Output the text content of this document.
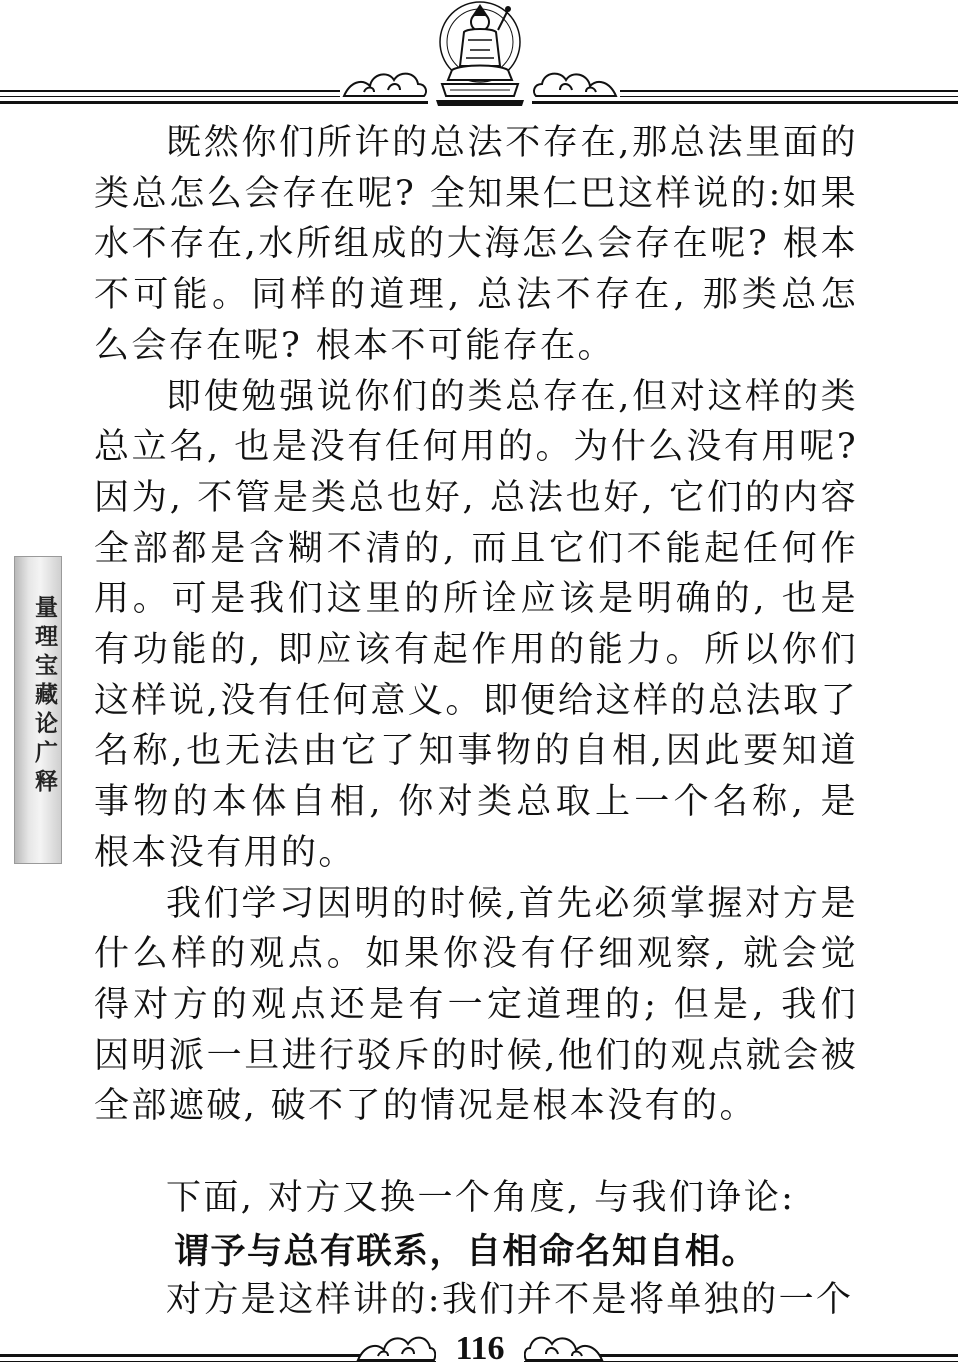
量理宝藏论广释

既然你们所许的总法不存在,那总法里面的类总怎么会存在呢? 全知果仁巴这样说的:如果水不存在,水所组成的大海怎么会存在呢? 根本不可能。同样的道理, 总法不存在, 那类总怎么会存在呢? 根本不可能存在。

即使勉强说你们的类总存在,但对这样的类总立名, 也是没有任何用的。为什么没有用呢? 因为, 不管是类总也好, 总法也好, 它们的内容全部都是含糊不清的, 而且它们不能起任何作用。可是我们这里的所诠应该是明确的, 也是有功能的, 即应该有起作用的能力。所以你们这样说,没有任何意义。即便给这样的总法取了名称,也无法由它了知事物的自相,因此要知道事物的本体自相, 你对类总取上一个名称, 是根本没有用的。

我们学习因明的时候,首先必须掌握对方是什么样的观点。如果你没有仔细观察, 就会觉得对方的观点还是有一定道理的; 但是, 我们因明派一旦进行驳斥的时候,他们的观点就会被全部遮破, 破不了的情况是根本没有的。

下面, 对方又换一个角度, 与我们诤论:

谓予与总有联系，自相命名知自相。

对方是这样讲的:我们并不是将单独的一个

116
